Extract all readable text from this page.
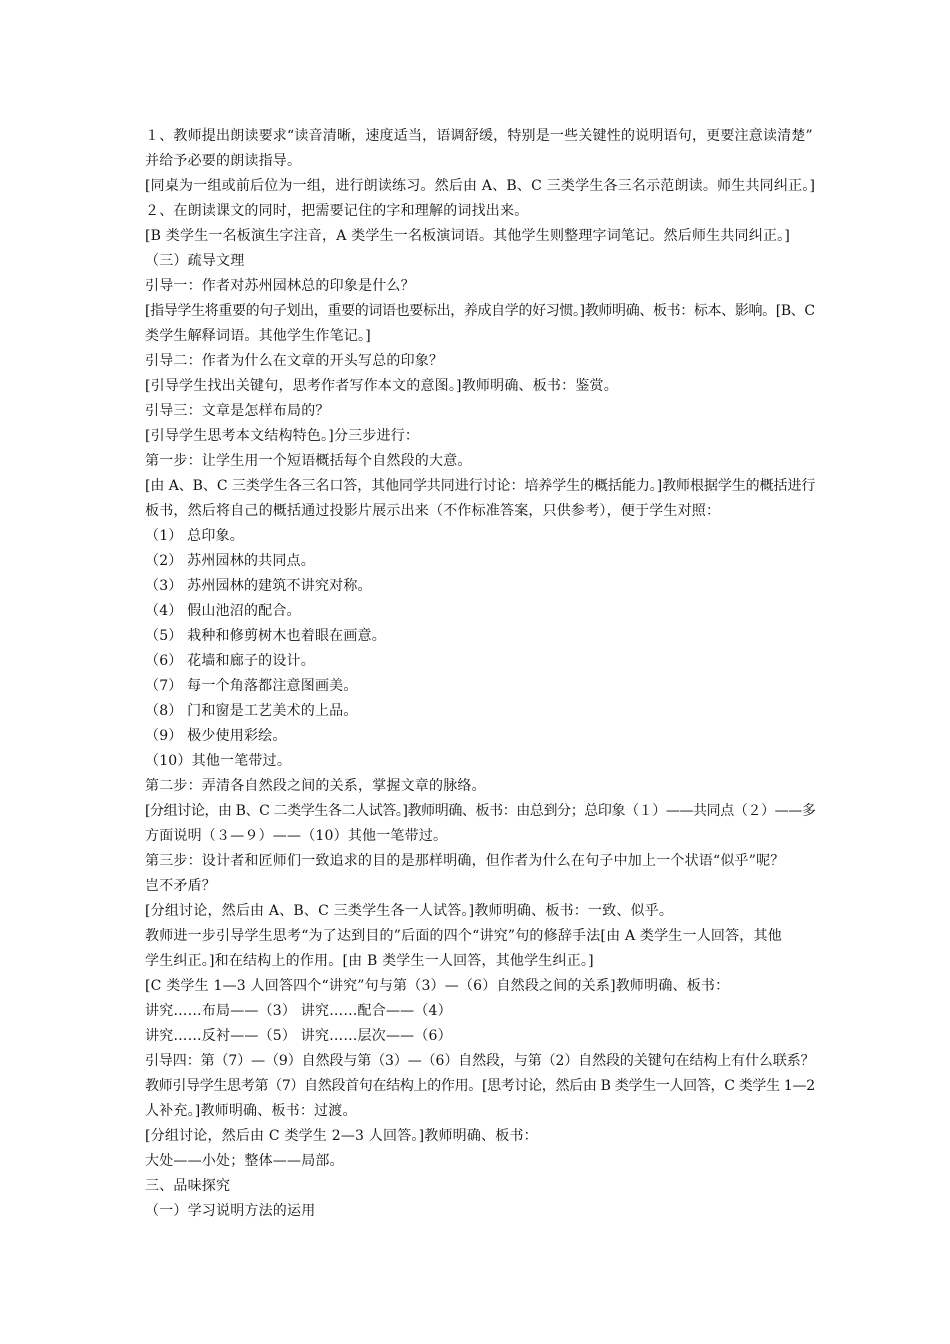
１、教师提出朗读要求“读音清晰，速度适当，语调舒缓，特别是一些关键性的说明语句，更要注意读清楚”
并给予必要的朗读指导。
[同桌为一组或前后位为一组，进行朗读练习。然后由 A、B、C 三类学生各三名示范朗读。师生共同纠正。]
２、在朗读课文的同时，把需要记住的字和理解的词找出来。
[B 类学生一名板演生字注音，A 类学生一名板演词语。其他学生则整理字词笔记。然后师生共同纠正。]
（三）疏导文理
引导一：作者对苏州园林总的印象是什么？
[指导学生将重要的句子划出，重要的词语也要标出，养成自学的好习惯。]教师明确、板书：标本、影响。[B、C
类学生解释词语。其他学生作笔记。]
引导二：作者为什么在文章的开头写总的印象？
[引导学生找出关键句，思考作者写作本文的意图。]教师明确、板书：鉴赏。
引导三：文章是怎样布局的？
[引导学生思考本文结构特色。]分三步进行：
第一步：让学生用一个短语概括每个自然段的大意。
[由 A、B、C 三类学生各三名口答，其他同学共同进行讨论：培养学生的概括能力。]教师根据学生的概括进行
板书，然后将自己的概括通过投影片展示出来（不作标准答案，只供参考），便于学生对照：
（1） 总印象。
（2） 苏州园林的共同点。
（3） 苏州园林的建筑不讲究对称。
（4） 假山池沼的配合。
（5） 栽种和修剪树木也着眼在画意。
（6） 花墙和廊子的设计。
（7） 每一个角落都注意图画美。
（8） 门和窗是工艺美术的上品。
（9） 极少使用彩绘。
（10）其他一笔带过。
第二步：弄清各自然段之间的关系，掌握文章的脉络。
[分组讨论，由 B、C 二类学生各二人试答。]教师明确、板书：由总到分；总印象（１）——共同点（２）——多
方面说明（３—９）——（10）其他一笔带过。
第三步：设计者和匠师们一致追求的目的是那样明确，但作者为什么在句子中加上一个状语“似乎”呢？
岂不矛盾？
[分组讨论，然后由 A、B、C 三类学生各一人试答。]教师明确、板书：一致、似乎。
教师进一步引导学生思考“为了达到目的”后面的四个“讲究”句的修辞手法[由 A 类学生一人回答，其他
学生纠正。]和在结构上的作用。[由 B 类学生一人回答，其他学生纠正。]
[C 类学生 1—3 人回答四个“讲究”句与第（3）—（6）自然段之间的关系]教师明确、板书：
讲究……布局——（3） 讲究……配合——（4）
讲究……反衬——（5） 讲究……层次——（6）
引导四：第（7）—（9）自然段与第（3）—（6）自然段，与第（2）自然段的关键句在结构上有什么联系？
教师引导学生思考第（7）自然段首句在结构上的作用。[思考讨论，然后由 B 类学生一人回答，C 类学生 1—2
人补充。]教师明确、板书：过渡。
[分组讨论，然后由 C 类学生 2—3 人回答。]教师明确、板书：
大处——小处；整体——局部。
三、品味探究
（一）学习说明方法的运用
